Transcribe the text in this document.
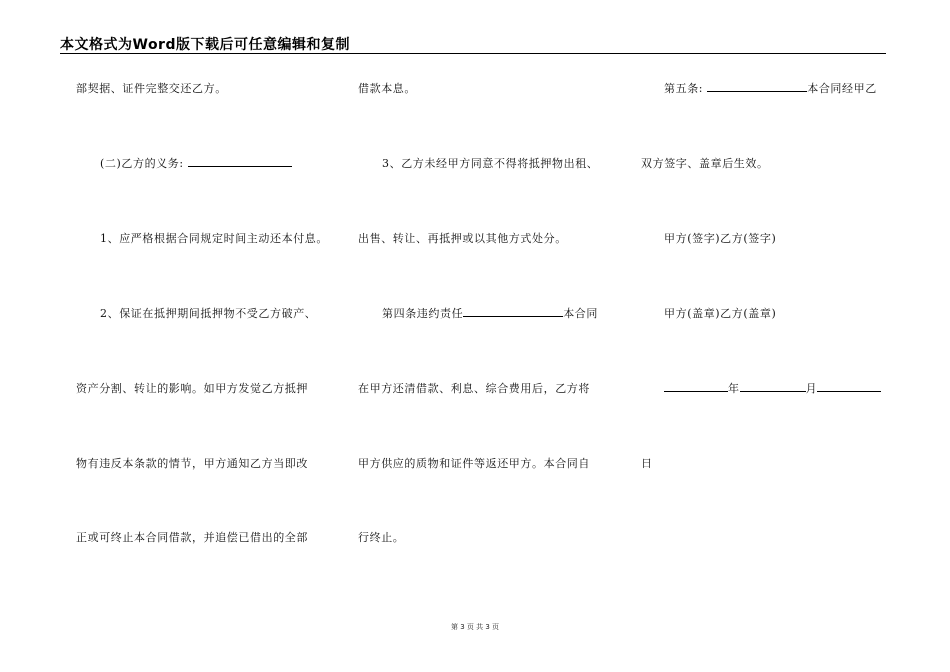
本文格式为Word版下载后可任意编辑和复制
部契据、证件完整交还乙方。
(二)乙方的义务:
1、应严格根据合同规定时间主动还本付息。
2、保证在抵押期间抵押物不受乙方破产、
资产分割、转让的影响。如甲方发觉乙方抵押
物有违反本条款的情节，甲方通知乙方当即改
正或可终止本合同借款，并追偿已借出的全部
借款本息。
3、乙方未经甲方同意不得将抵押物出租、
出售、转让、再抵押或以其他方式处分。
第四条违约责任	本合同
在甲方还清借款、利息、综合费用后，乙方将
甲方供应的质物和证件等返还甲方。本合同自
行终止。
第五条:	本合同经甲乙
双方签字、盖章后生效。
甲方(签字)乙方(签字)
甲方(盖章)乙方(盖章)
年	月
日
第 3 页 共 3 页
